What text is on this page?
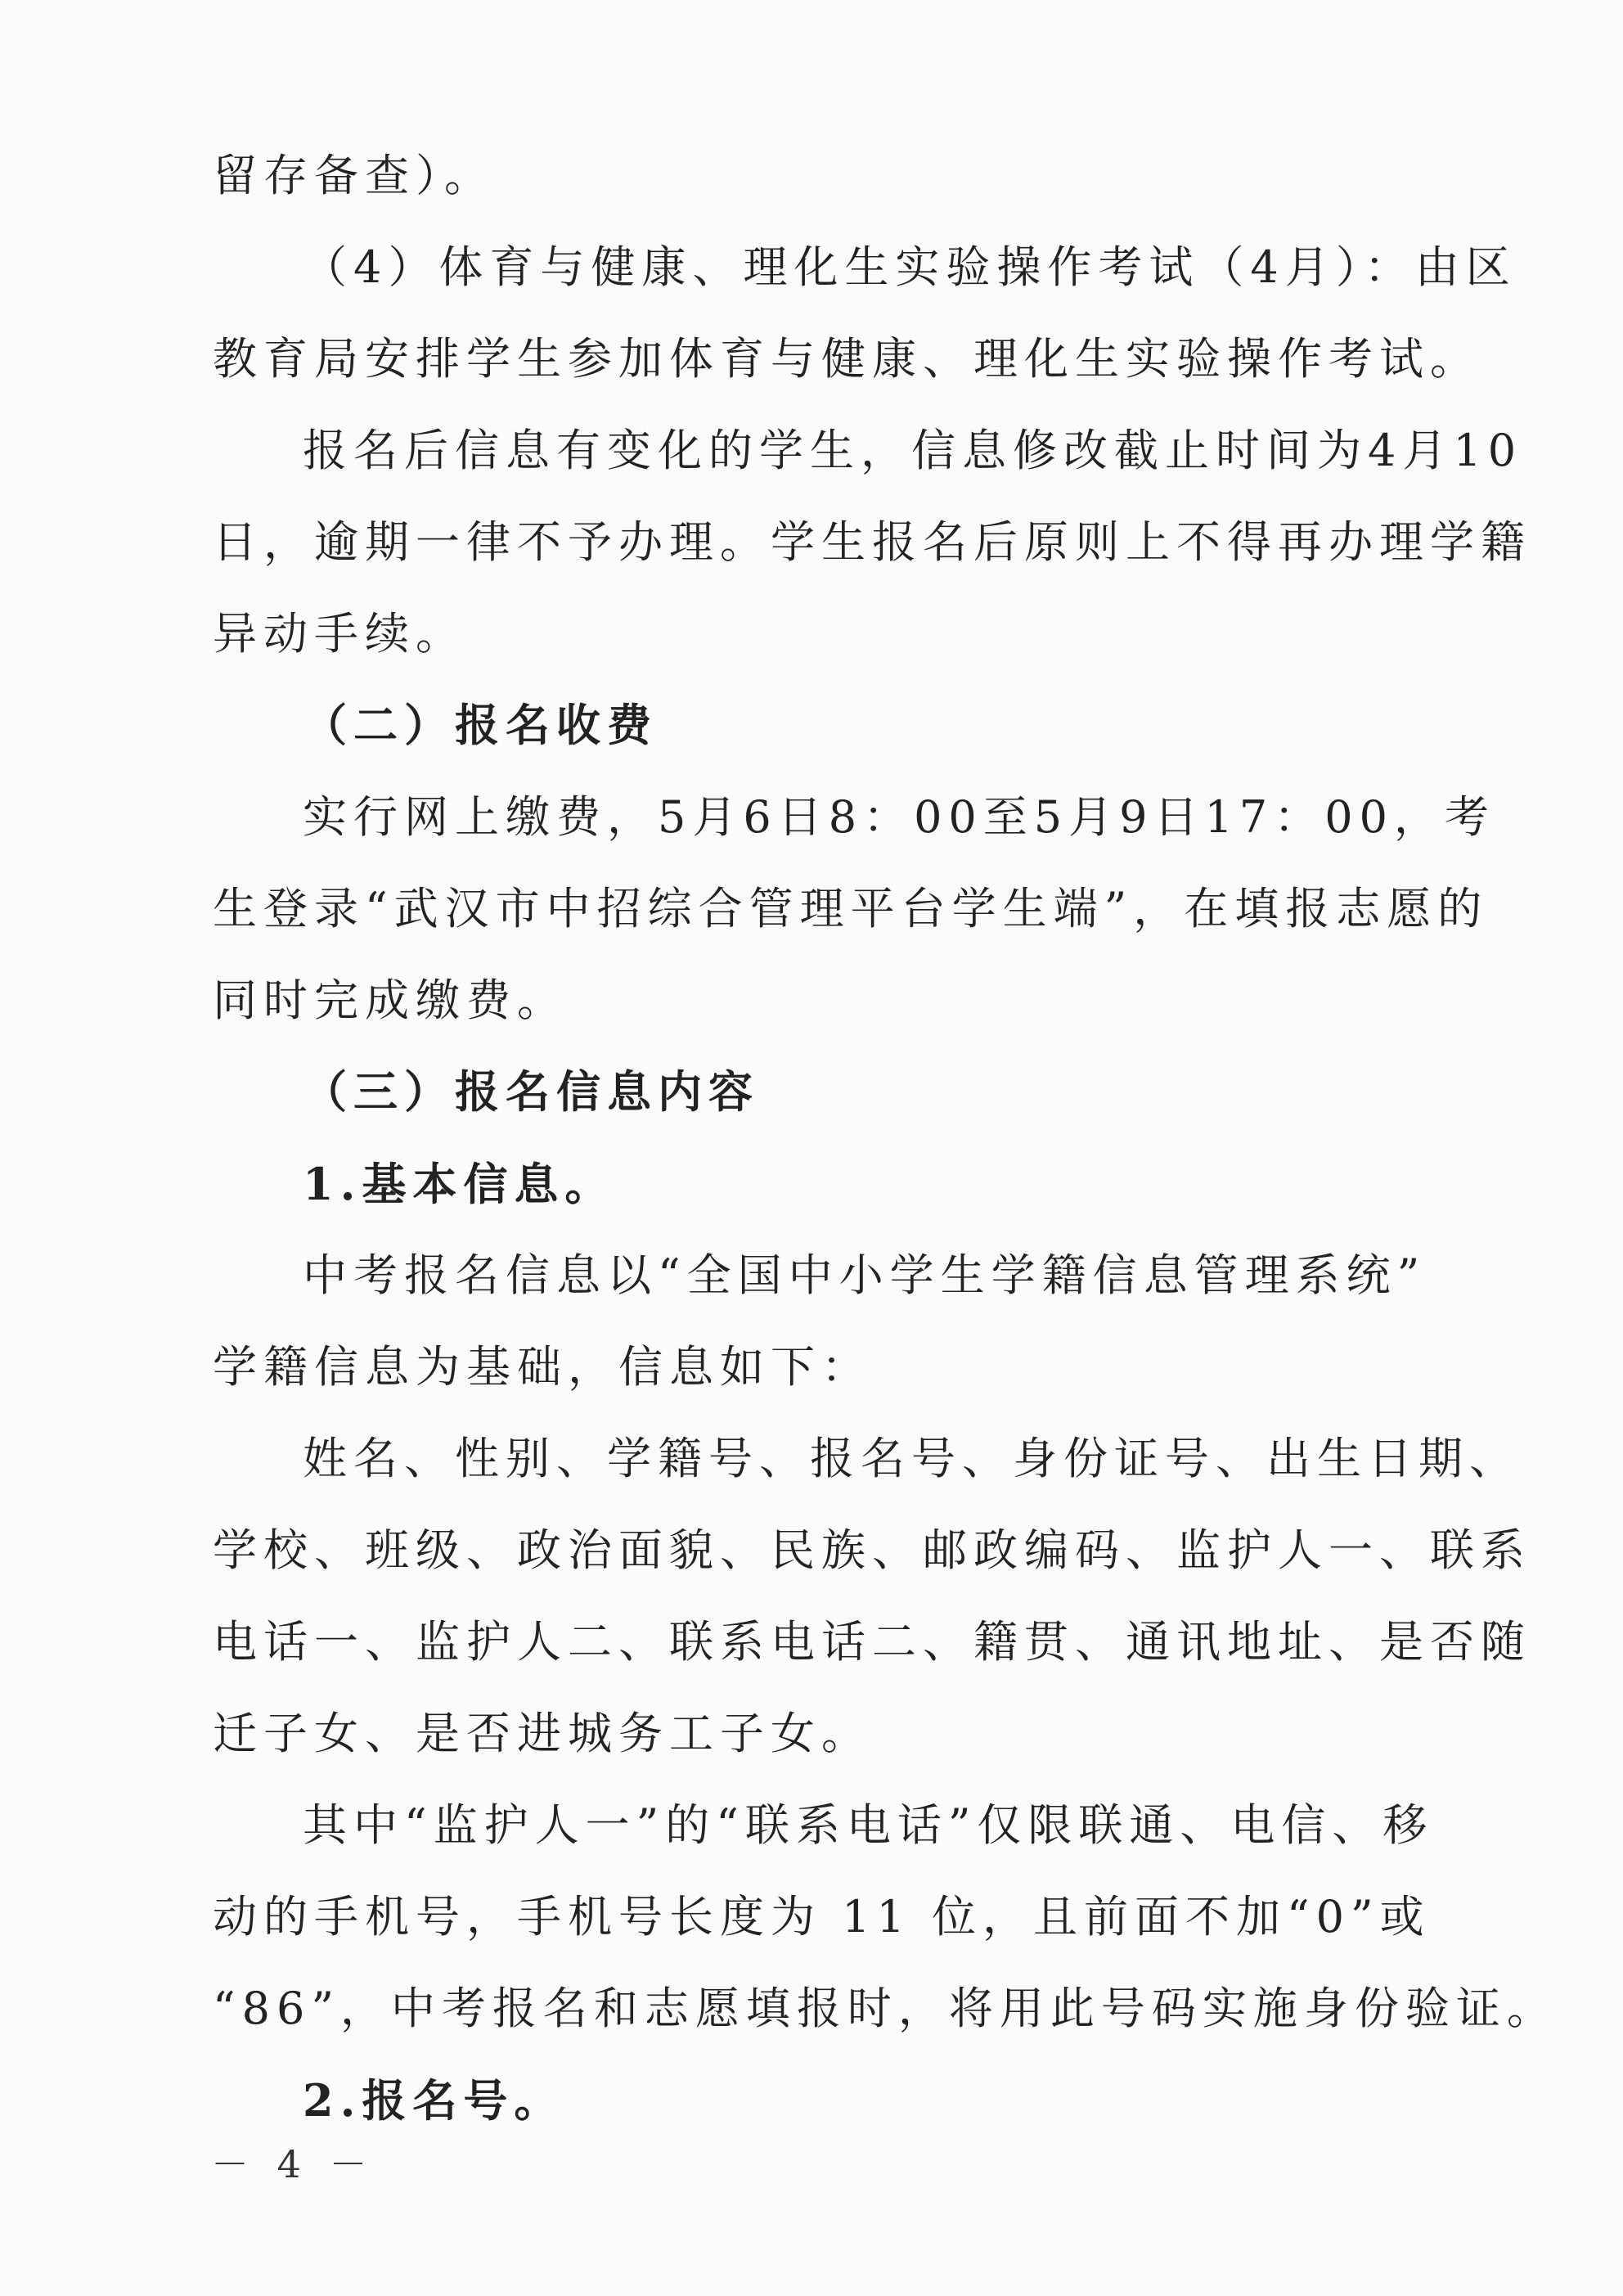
留存备查）。
（4）体育与健康、理化生实验操作考试（4月）：由区
教育局安排学生参加体育与健康、理化生实验操作考试。
报名后信息有变化的学生，信息修改截止时间为4月10
日，逾期一律不予办理。学生报名后原则上不得再办理学籍
异动手续。
（二）报名收费
实行网上缴费，5月6日8：00至5月9日17：00，考
生登录“武汉市中招综合管理平台学生端”，在填报志愿的
同时完成缴费。
（三）报名信息内容
1.基本信息。
中考报名信息以“全国中小学生学籍信息管理系统”
学籍信息为基础，信息如下：
姓名、性别、学籍号、报名号、身份证号、出生日期、
学校、班级、政治面貌、民族、邮政编码、监护人一、联系
电话一、监护人二、联系电话二、籍贯、通讯地址、是否随
迁子女、是否进城务工子女。
其中“监护人一”的“联系电话”仅限联通、电信、移
动的手机号，手机号长度为 11 位，且前面不加“0”或
“86”，中考报名和志愿填报时，将用此号码实施身份验证。
2.报名号。
－ 4 －
